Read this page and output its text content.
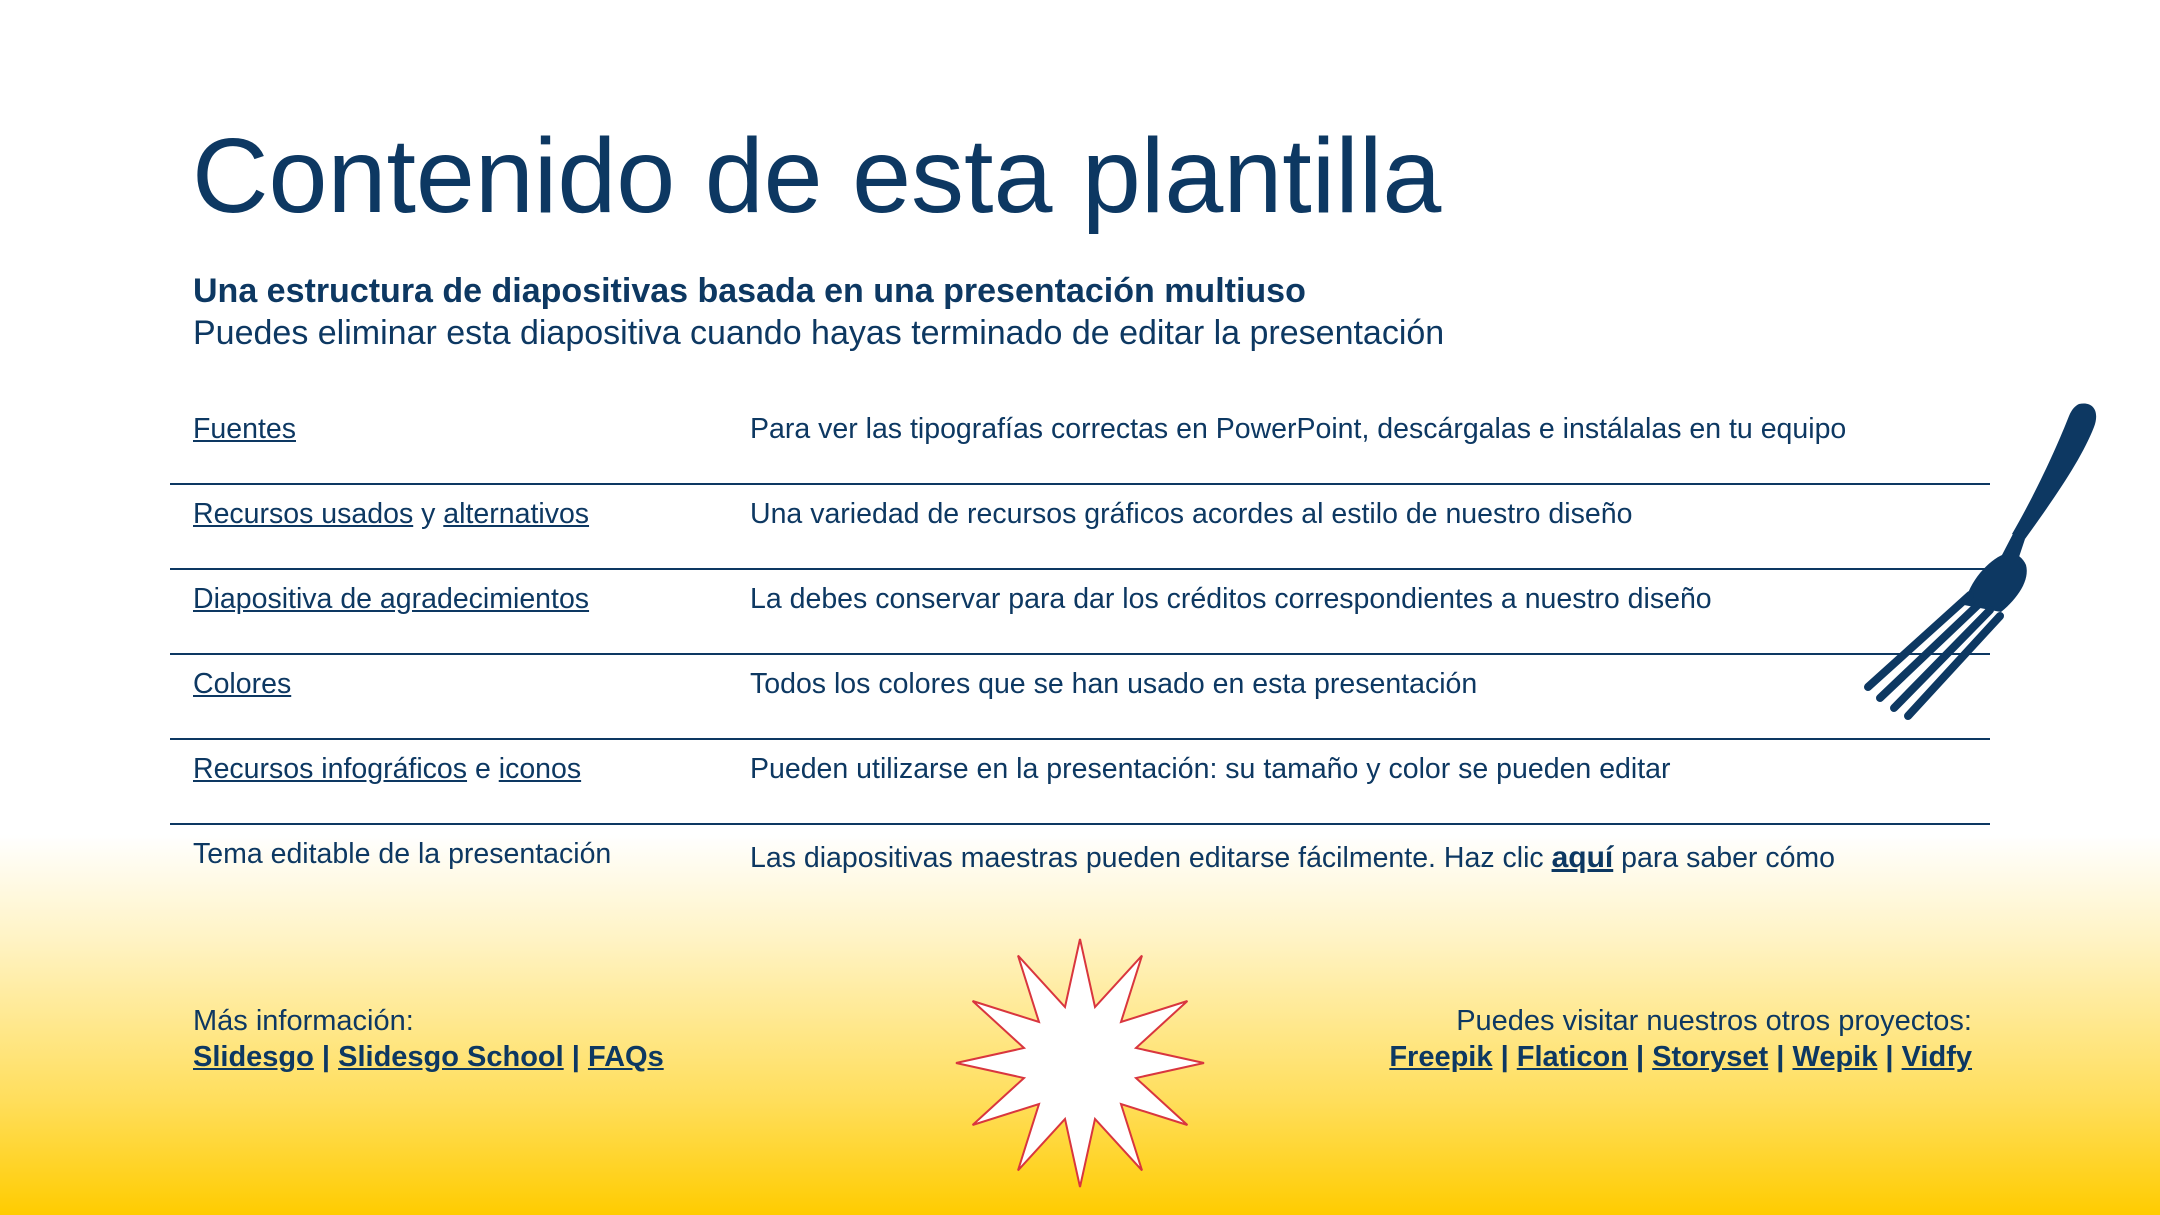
Contenido de esta plantilla
Una estructura de diapositivas basada en una presentación multiuso
Puedes eliminar esta diapositiva cuando hayas terminado de editar la presentación
Fuentes	Para ver las tipografías correctas en PowerPoint, descárgalas e instálalas en tu equipo
Recursos usados y alternativos	Una variedad de recursos gráficos acordes al estilo de nuestro diseño
Diapositiva de agradecimientos	La debes conservar para dar los créditos correspondientes a nuestro diseño
Colores	Todos los colores que se han usado en esta presentación
Recursos infográficos e iconos	Pueden utilizarse en la presentación: su tamaño y color se pueden editar
Tema editable de la presentación	Las diapositivas maestras pueden editarse fácilmente. Haz clic aquí para saber cómo
Más información:
Slidesgo | Slidesgo School | FAQs
Puedes visitar nuestros otros proyectos:
Freepik | Flaticon | Storyset | Wepik | Vidfy
